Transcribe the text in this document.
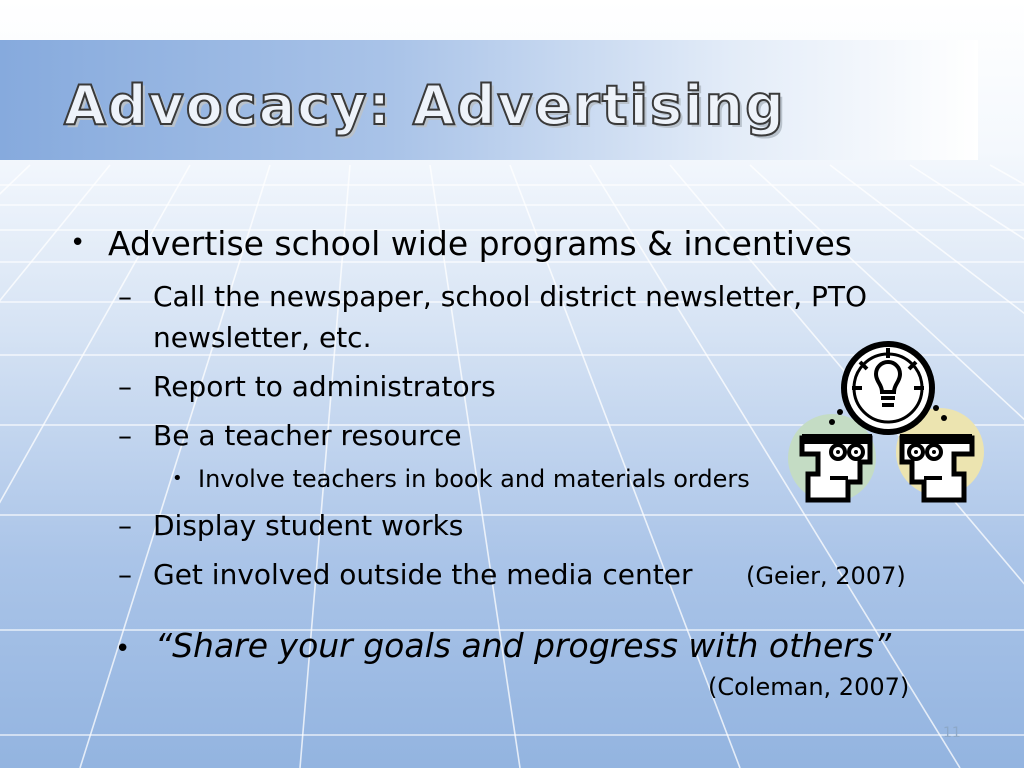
Advocacy: Advertising
• Advertise school wide programs & incentives
– Call the newspaper, school district newsletter, PTO
newsletter, etc.
– Report to administrators
– Be a teacher resource
• Involve teachers in book and materials orders
– Display student works
– Get involved outside the media center (Geier, 2007)
• “Share your goals and progress with others”
(Coleman, 2007)
11
